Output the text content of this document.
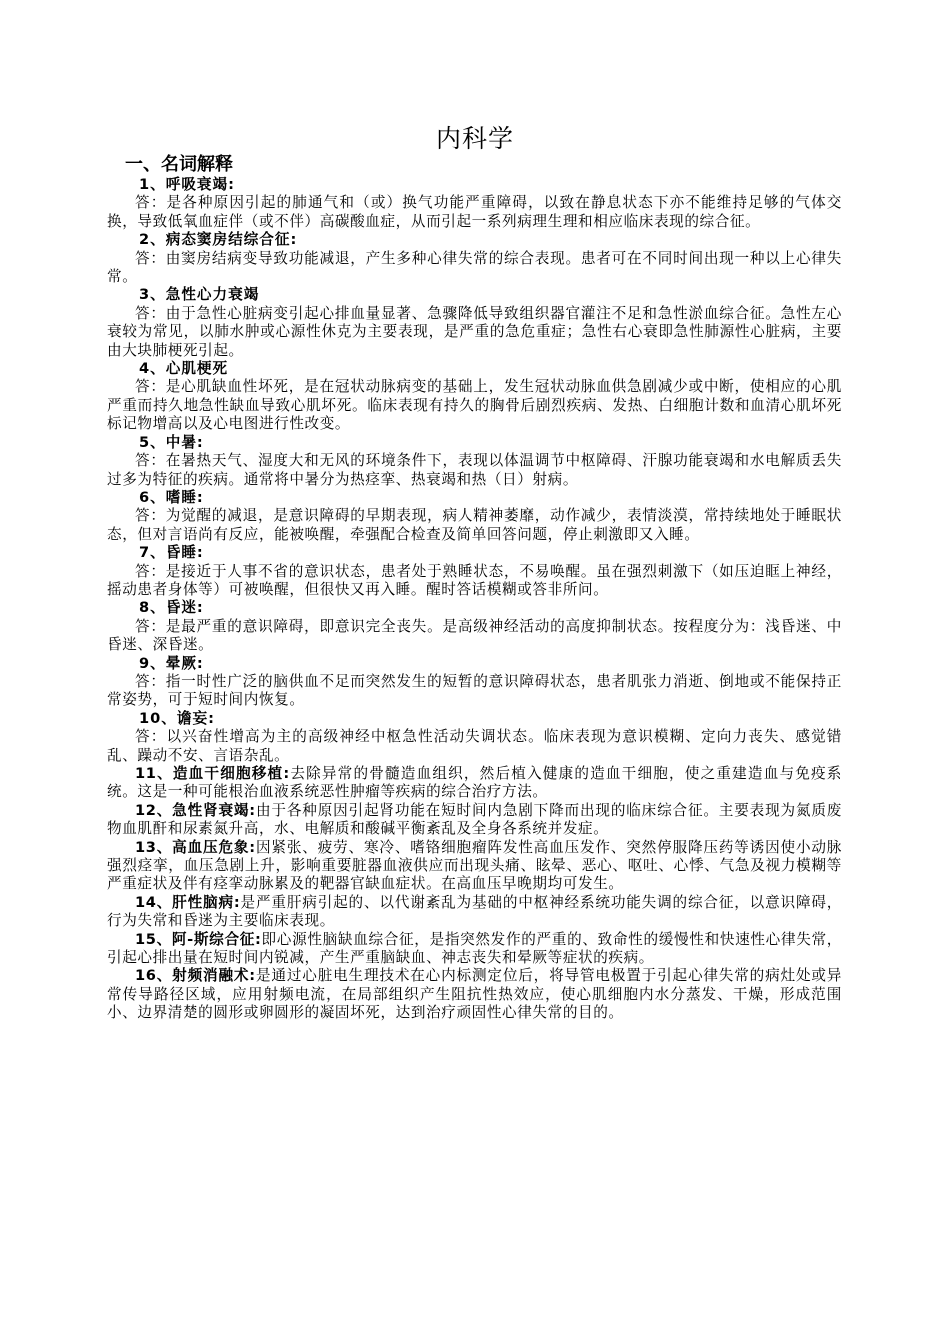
内科学
一、名词解释

1、呼吸衰竭:

答：是各种原因引起的肺通气和（或）换气功能严重障碍，以致在静息状态下亦不能维持足够的气体交换，导致低氧血症伴（或不伴）高碳酸血症，从而引起一系列病理生理和相应临床表现的综合征。

2、病态窦房结综合征:

答：由窦房结病变导致功能减退，产生多种心律失常的综合表现。患者可在不同时间出现一种以上心律失常。

3、急性心力衰竭

答：由于急性心脏病变引起心排血量显著、急骤降低导致组织器官灌注不足和急性淤血综合征。急性左心衰较为常见，以肺水肿或心源性休克为主要表现，是严重的急危重症；急性右心衰即急性肺源性心脏病，主要由大块肺梗死引起。

4、心肌梗死

答：是心肌缺血性坏死，是在冠状动脉病变的基础上，发生冠状动脉血供急剧减少或中断，使相应的心肌严重而持久地急性缺血导致心肌坏死。临床表现有持久的胸骨后剧烈疾病、发热、白细胞计数和血清心肌坏死标记物增高以及心电图进行性改变。

5、中暑:

答：在暑热天气、湿度大和无风的环境条件下，表现以体温调节中枢障碍、汗腺功能衰竭和水电解质丢失过多为特征的疾病。通常将中暑分为热痉挛、热衰竭和热（日）射病。

6、嗜睡:

答：为觉醒的减退，是意识障碍的早期表现，病人精神萎靡，动作减少，表情淡漠，常持续地处于睡眠状态，但对言语尚有反应，能被唤醒，牵强配合检查及简单回答问题，停止刺激即又入睡。

7、昏睡:

答：是接近于人事不省的意识状态，患者处于熟睡状态，不易唤醒。虽在强烈刺激下（如压迫眶上神经，摇动患者身体等）可被唤醒，但很快又再入睡。醒时答话模糊或答非所问。

8、昏迷:

答：是最严重的意识障碍，即意识完全丧失。是高级神经活动的高度抑制状态。按程度分为：浅昏迷、中昏迷、深昏迷。

9、晕厥:

答：指一时性广泛的脑供血不足而突然发生的短暂的意识障碍状态，患者肌张力消逝、倒地或不能保持正常姿势，可于短时间内恢复。

10、谵妄:

答：以兴奋性增高为主的高级神经中枢急性活动失调状态。临床表现为意识模糊、定向力丧失、感觉错乱、躁动不安、言语杂乱。

11、造血干细胞移植:去除异常的骨髓造血组织，然后植入健康的造血干细胞，使之重建造血与免疫系统。这是一种可能根治血液系统恶性肿瘤等疾病的综合治疗方法。

12、急性肾衰竭:由于各种原因引起肾功能在短时间内急剧下降而出现的临床综合征。主要表现为氮质废物血肌酐和尿素氮升高，水、电解质和酸碱平衡紊乱及全身各系统并发症。

13、高血压危象:因紧张、疲劳、寒冷、嗜铬细胞瘤阵发性高血压发作、突然停服降压药等诱因使小动脉强烈痉挛，血压急剧上升，影响重要脏器血液供应而出现头痛、眩晕、恶心、呕吐、心悸、气急及视力模糊等严重症状及伴有痉挛动脉累及的靶器官缺血症状。在高血压早晚期均可发生。

14、肝性脑病:是严重肝病引起的、以代谢紊乱为基础的中枢神经系统功能失调的综合征，以意识障碍，行为失常和昏迷为主要临床表现。

15、阿-斯综合征:即心源性脑缺血综合征，是指突然发作的严重的、致命性的缓慢性和快速性心律失常，引起心排出量在短时间内锐减，产生严重脑缺血、神志丧失和晕厥等症状的疾病。

16、射频消融术:是通过心脏电生理技术在心内标测定位后，将导管电极置于引起心律失常的病灶处或异常传导路径区域，应用射频电流，在局部组织产生阻抗性热效应，使心肌细胞内水分蒸发、干燥，形成范围小、边界清楚的圆形或卵圆形的凝固坏死，达到治疗顽固性心律失常的目的。
